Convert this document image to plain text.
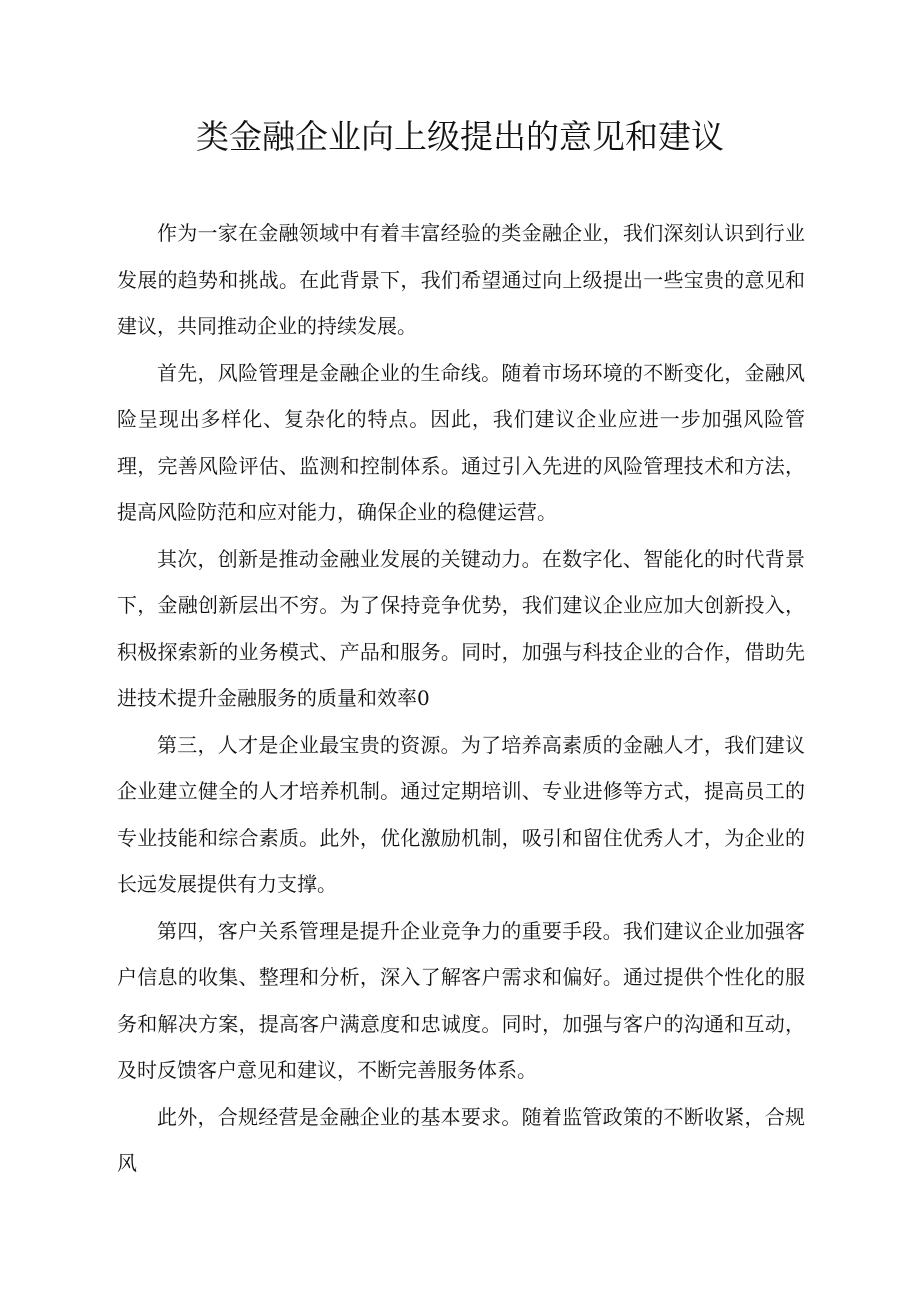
类金融企业向上级提出的意见和建议

作为一家在金融领域中有着丰富经验的类金融企业，我们深刻认识到行业发展的趋势和挑战。在此背景下，我们希望通过向上级提出一些宝贵的意见和建议，共同推动企业的持续发展。

首先，风险管理是金融企业的生命线。随着市场环境的不断变化，金融风险呈现出多样化、复杂化的特点。因此，我们建议企业应进一步加强风险管理，完善风险评估、监测和控制体系。通过引入先进的风险管理技术和方法，提高风险防范和应对能力，确保企业的稳健运营。

其次，创新是推动金融业发展的关键动力。在数字化、智能化的时代背景下，金融创新层出不穷。为了保持竞争优势，我们建议企业应加大创新投入，积极探索新的业务模式、产品和服务。同时，加强与科技企业的合作，借助先进技术提升金融服务的质量和效率0

第三，人才是企业最宝贵的资源。为了培养高素质的金融人才，我们建议企业建立健全的人才培养机制。通过定期培训、专业进修等方式，提高员工的专业技能和综合素质。此外，优化激励机制，吸引和留住优秀人才，为企业的长远发展提供有力支撑。

第四，客户关系管理是提升企业竞争力的重要手段。我们建议企业加强客户信息的收集、整理和分析，深入了解客户需求和偏好。通过提供个性化的服务和解决方案，提高客户满意度和忠诚度。同时，加强与客户的沟通和互动，及时反馈客户意见和建议，不断完善服务体系。

此外，合规经营是金融企业的基本要求。随着监管政策的不断收紧，合规风
